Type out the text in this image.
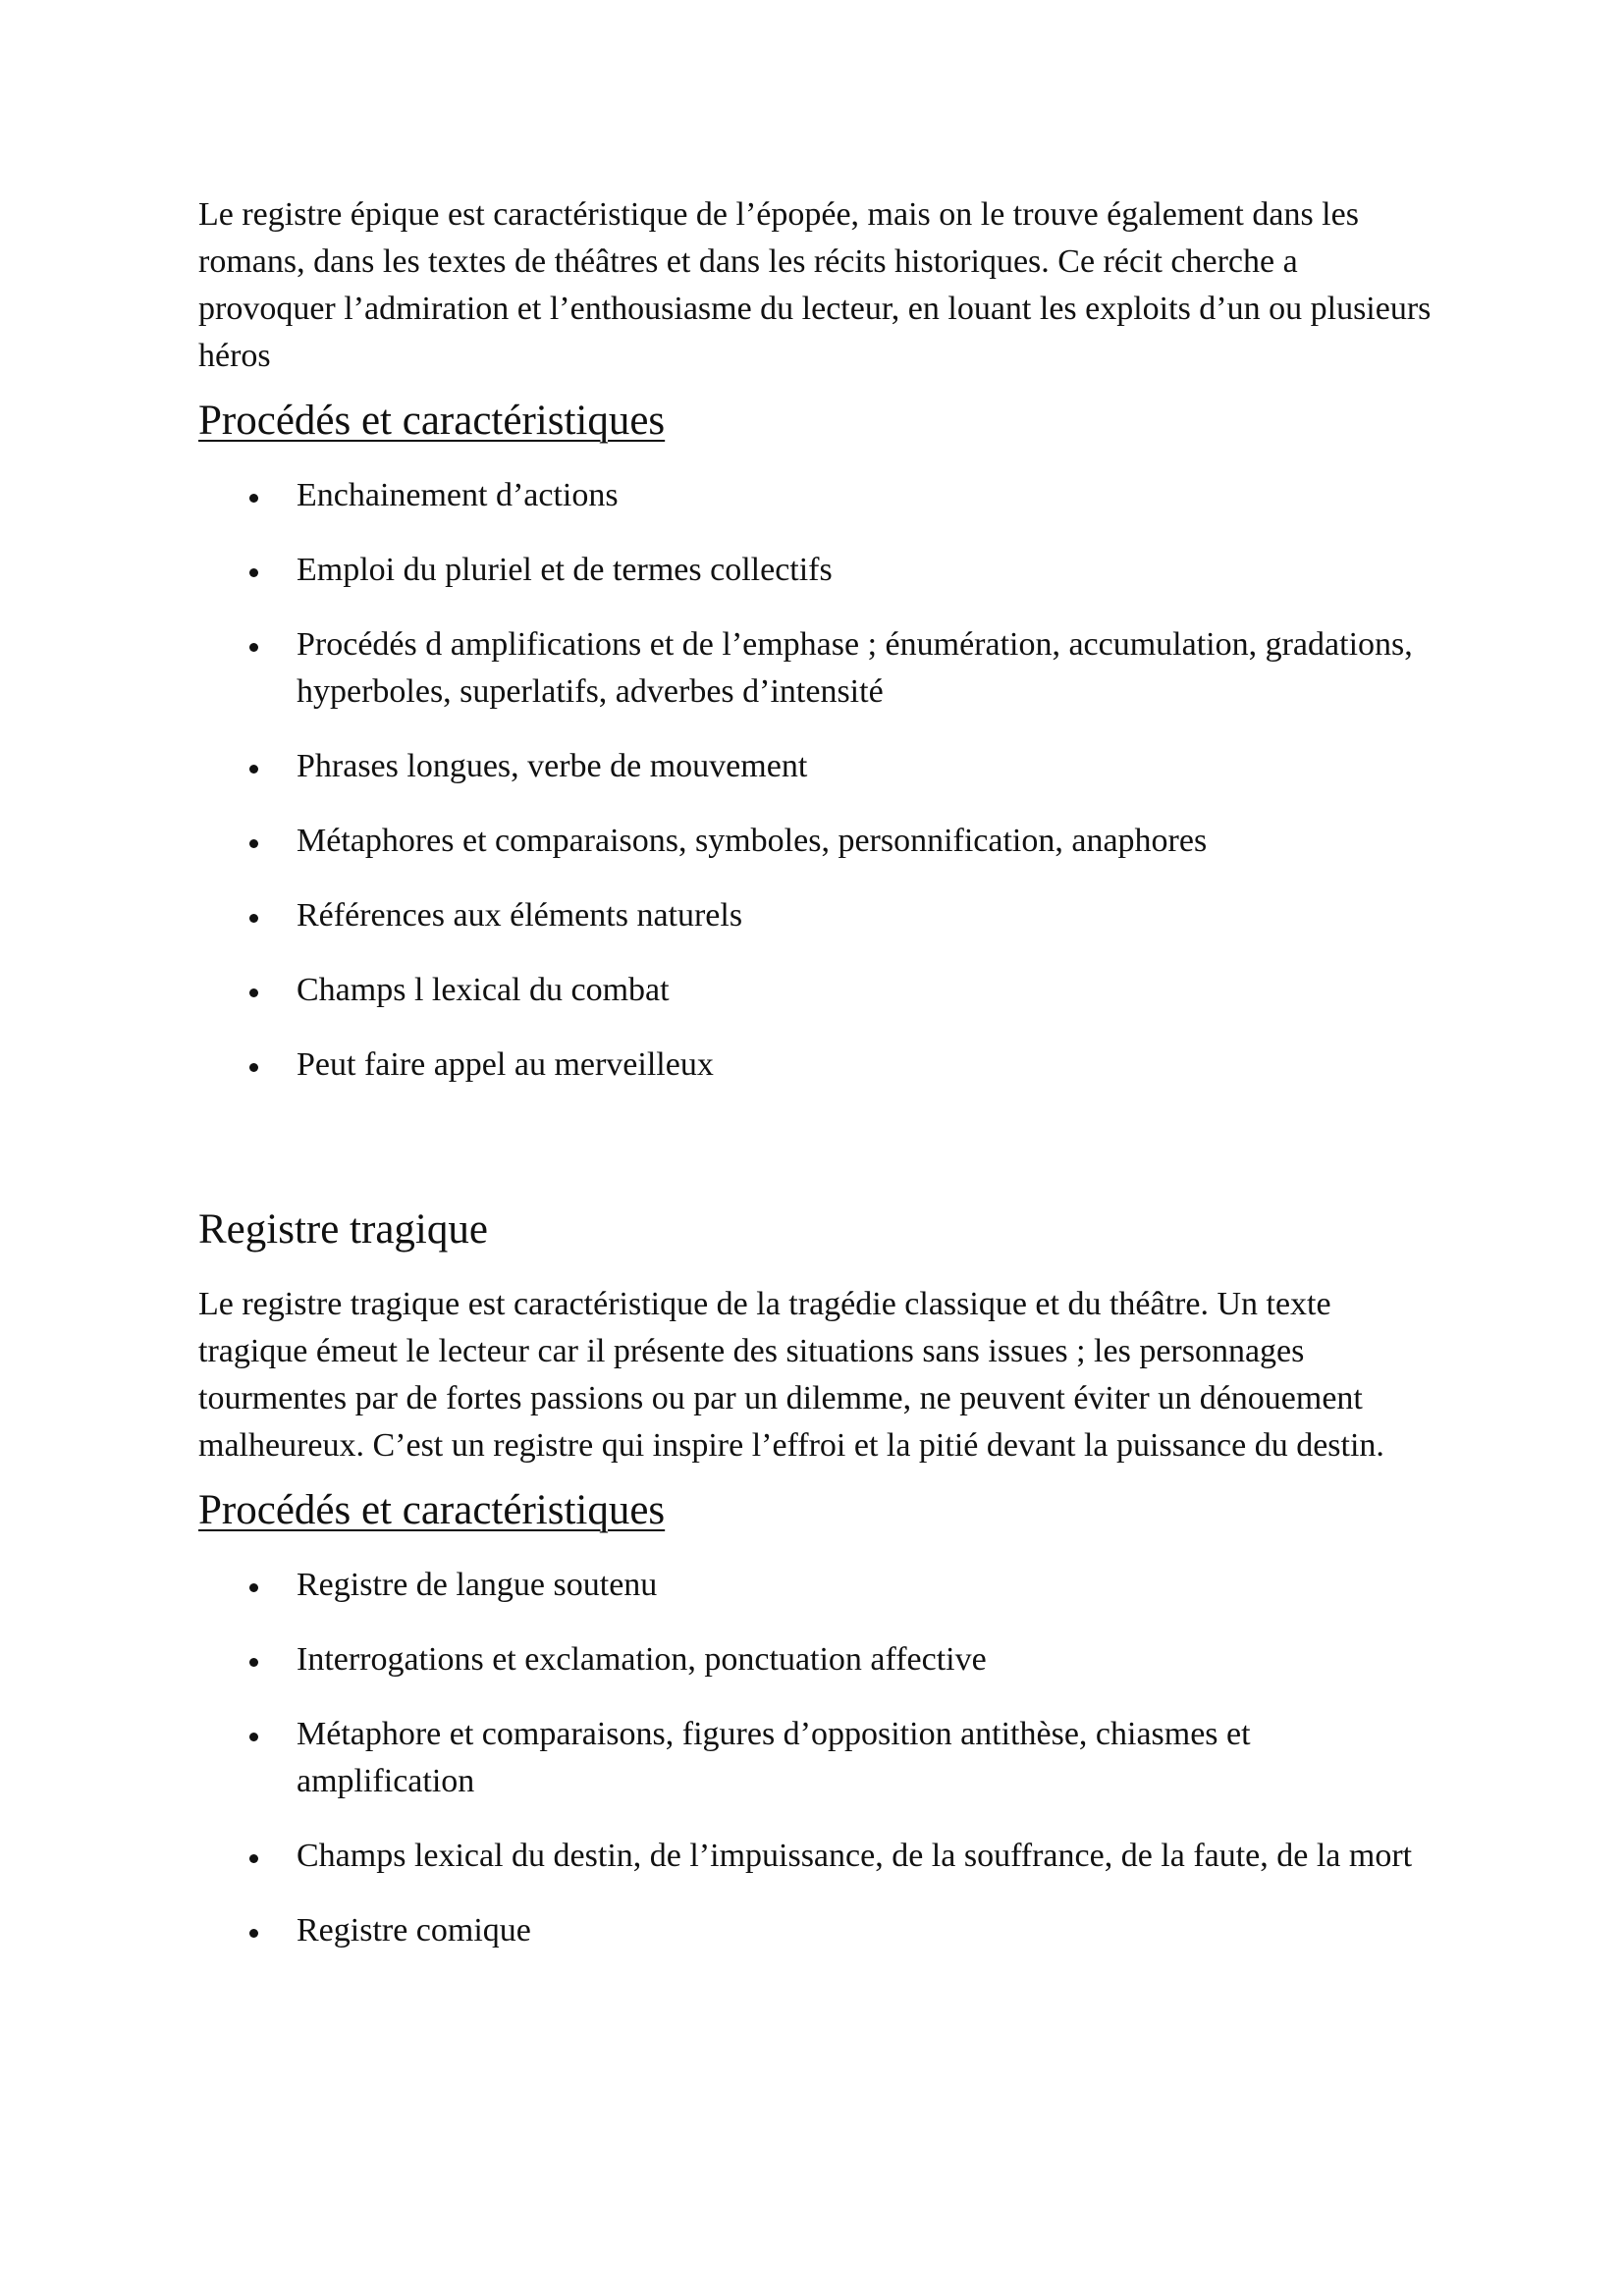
Le registre épique est caractéristique de l’épopée, mais on le trouve également dans les romans, dans les textes de théâtres et dans les récits historiques. Ce récit cherche a provoquer l’admiration et l’enthousiasme du lecteur, en louant les exploits d’un ou plusieurs héros

Procédés et caractéristiques
Enchainement d’actions
Emploi du pluriel et de termes collectifs
Procédés d amplifications et de l’emphase ; énumération, accumulation, gradations, hyperboles, superlatifs, adverbes d’intensité
Phrases longues, verbe de mouvement
Métaphores et comparaisons, symboles, personnification, anaphores
Références aux éléments naturels
Champs l lexical du combat
Peut faire appel au merveilleux
Registre tragique

Le registre tragique est caractéristique de la tragédie classique et du théâtre. Un texte tragique émeut le lecteur car il présente des situations sans issues ; les personnages tourmentes par de fortes passions ou par un dilemme, ne peuvent éviter un dénouement malheureux. C’est un registre qui inspire l’effroi et la pitié devant la puissance du destin.

Procédés et caractéristiques
Registre de langue soutenu
Interrogations et exclamation, ponctuation affective
Métaphore et comparaisons, figures d’opposition antithèse, chiasmes et amplification
Champs lexical du destin, de l’impuissance, de la souffrance, de la faute, de la mort
Registre comique
